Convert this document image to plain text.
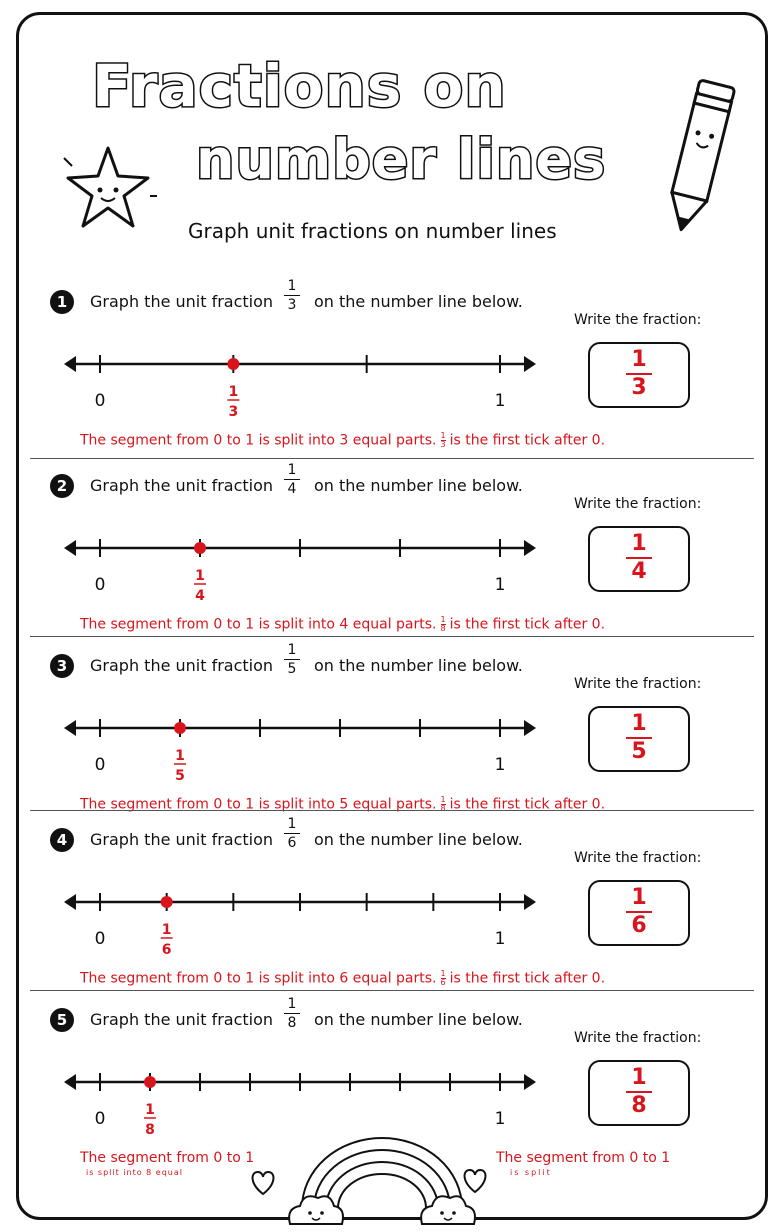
Fractions on
number lines
Graph unit fractions on number lines
1	Graph the unit fraction
1
3 on the number line below.
Write the fraction:
1
3
0	1
1
3
The segment from 0 to 1 is split into 3 equal parts. $\frac{1}{3}$ is the first tick after 0.
2	Graph the unit fraction
1
4 on the number line below.
Write the fraction:
1
4
0	1
1
4
The segment from 0 to 1 is split into 4 equal parts. $\frac{1}{8}$ is the first tick after 0.
3	Graph the unit fraction
1
5 on the number line below.
Write the fraction:
1
5
0	1
1
5
The segment from 0 to 1 is split into 5 equal parts. $\frac{1}{8}$ is the first tick after 0.
4	Graph the unit fraction
1
6 on the number line below.
Write the fraction:
1
6
0	1
1
6
The segment from 0 to 1 is split into 6 equal parts. $\frac{1}{6}$ is the first tick after 0.
5	Graph the unit fraction
1
8 on the number line below.
Write the fraction:
1
8
0	1
1
8
The segment from 0 to 1
is split into 8 equal
The segment from 0 to 1
is split
